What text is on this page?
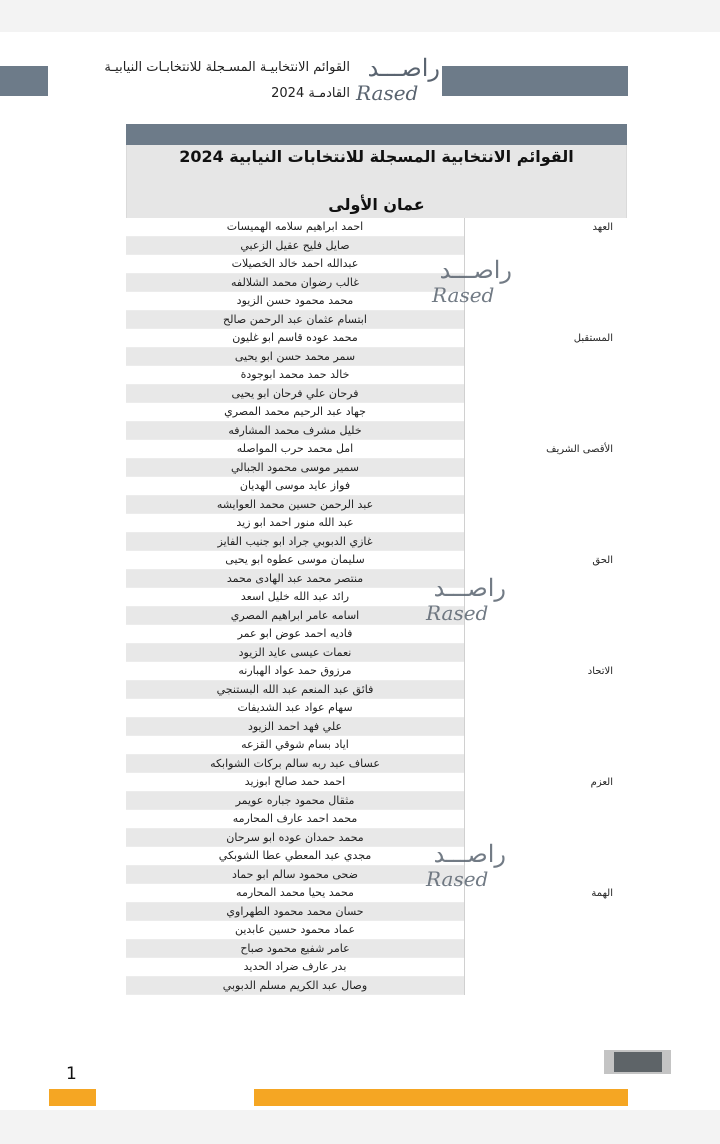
القوائم الانتخابيـة المسـجلة للانتخابـات النيابيـة
القادمـة 2024
راصـــد
Rased
القوائم الانتخابية المسجلة للانتخابات النيابية 2024
عمان الأولى
العهد
احمد ابراهيم سلامه الهميسات
صايل فليح عقيل الزعبي
عبدالله احمد خالد الخصيلات
غالب رضوان محمد الشلالفه
محمد محمود حسن الزيود
ابتسام عثمان عبد الرحمن صالح
المستقبل
محمد عوده قاسم ابو غليون
سمر محمد حسن ابو يحيى
خالد حمد محمد ابوجودة
فرحان علي فرحان ابو يحيى
جهاد عبد الرحيم محمد المصري
خليل مشرف محمد المشارفه
الأقصى الشريف
امل محمد حرب المواصله
سمير موسى محمود الجبالي
فواز عايد موسى الهديان
عبد الرحمن حسين محمد العوايشه
عبد الله منور احمد ابو زيد
غازي الدبوبي جراد ابو جنيب الفايز
الحق
سليمان موسى عطوه ابو يحيى
منتصر محمد عبد الهادى محمد
رائد عبد الله خليل اسعد
اسامه عامر ابراهيم المصري
فاديه احمد عوض ابو عمر
نعمات عيسى عايد الزيود
الاتحاد
مرزوق حمد عواد الهبارنه
فائق عبد المنعم عبد الله البستنجي
سهام عواد عبد الشديفات
علي فهد احمد الزيود
اياد بسام شوقي القزعه
عساف عبد ربه سالم بركات الشوابكه
العزم
احمد حمد صالح ابوزيد
مثقال محمود جباره عويمر
محمد احمد عارف المحارمه
محمد حمدان عوده ابو سرحان
مجدي عبد المعطي عطا الشوبكي
ضحى محمود سالم ابو حماد
الهمة
محمد يحيا محمد المحارمه
حسان محمد محمود الطهراوي
عماد محمود حسين عابدين
عامر شفيع محمود صباح
بدر عارف ضراد الحديد
وصال عبد الكريم مسلم الدبوبي
راصـــد
Rased
راصـــد
Rased
راصـــد
Rased
1
